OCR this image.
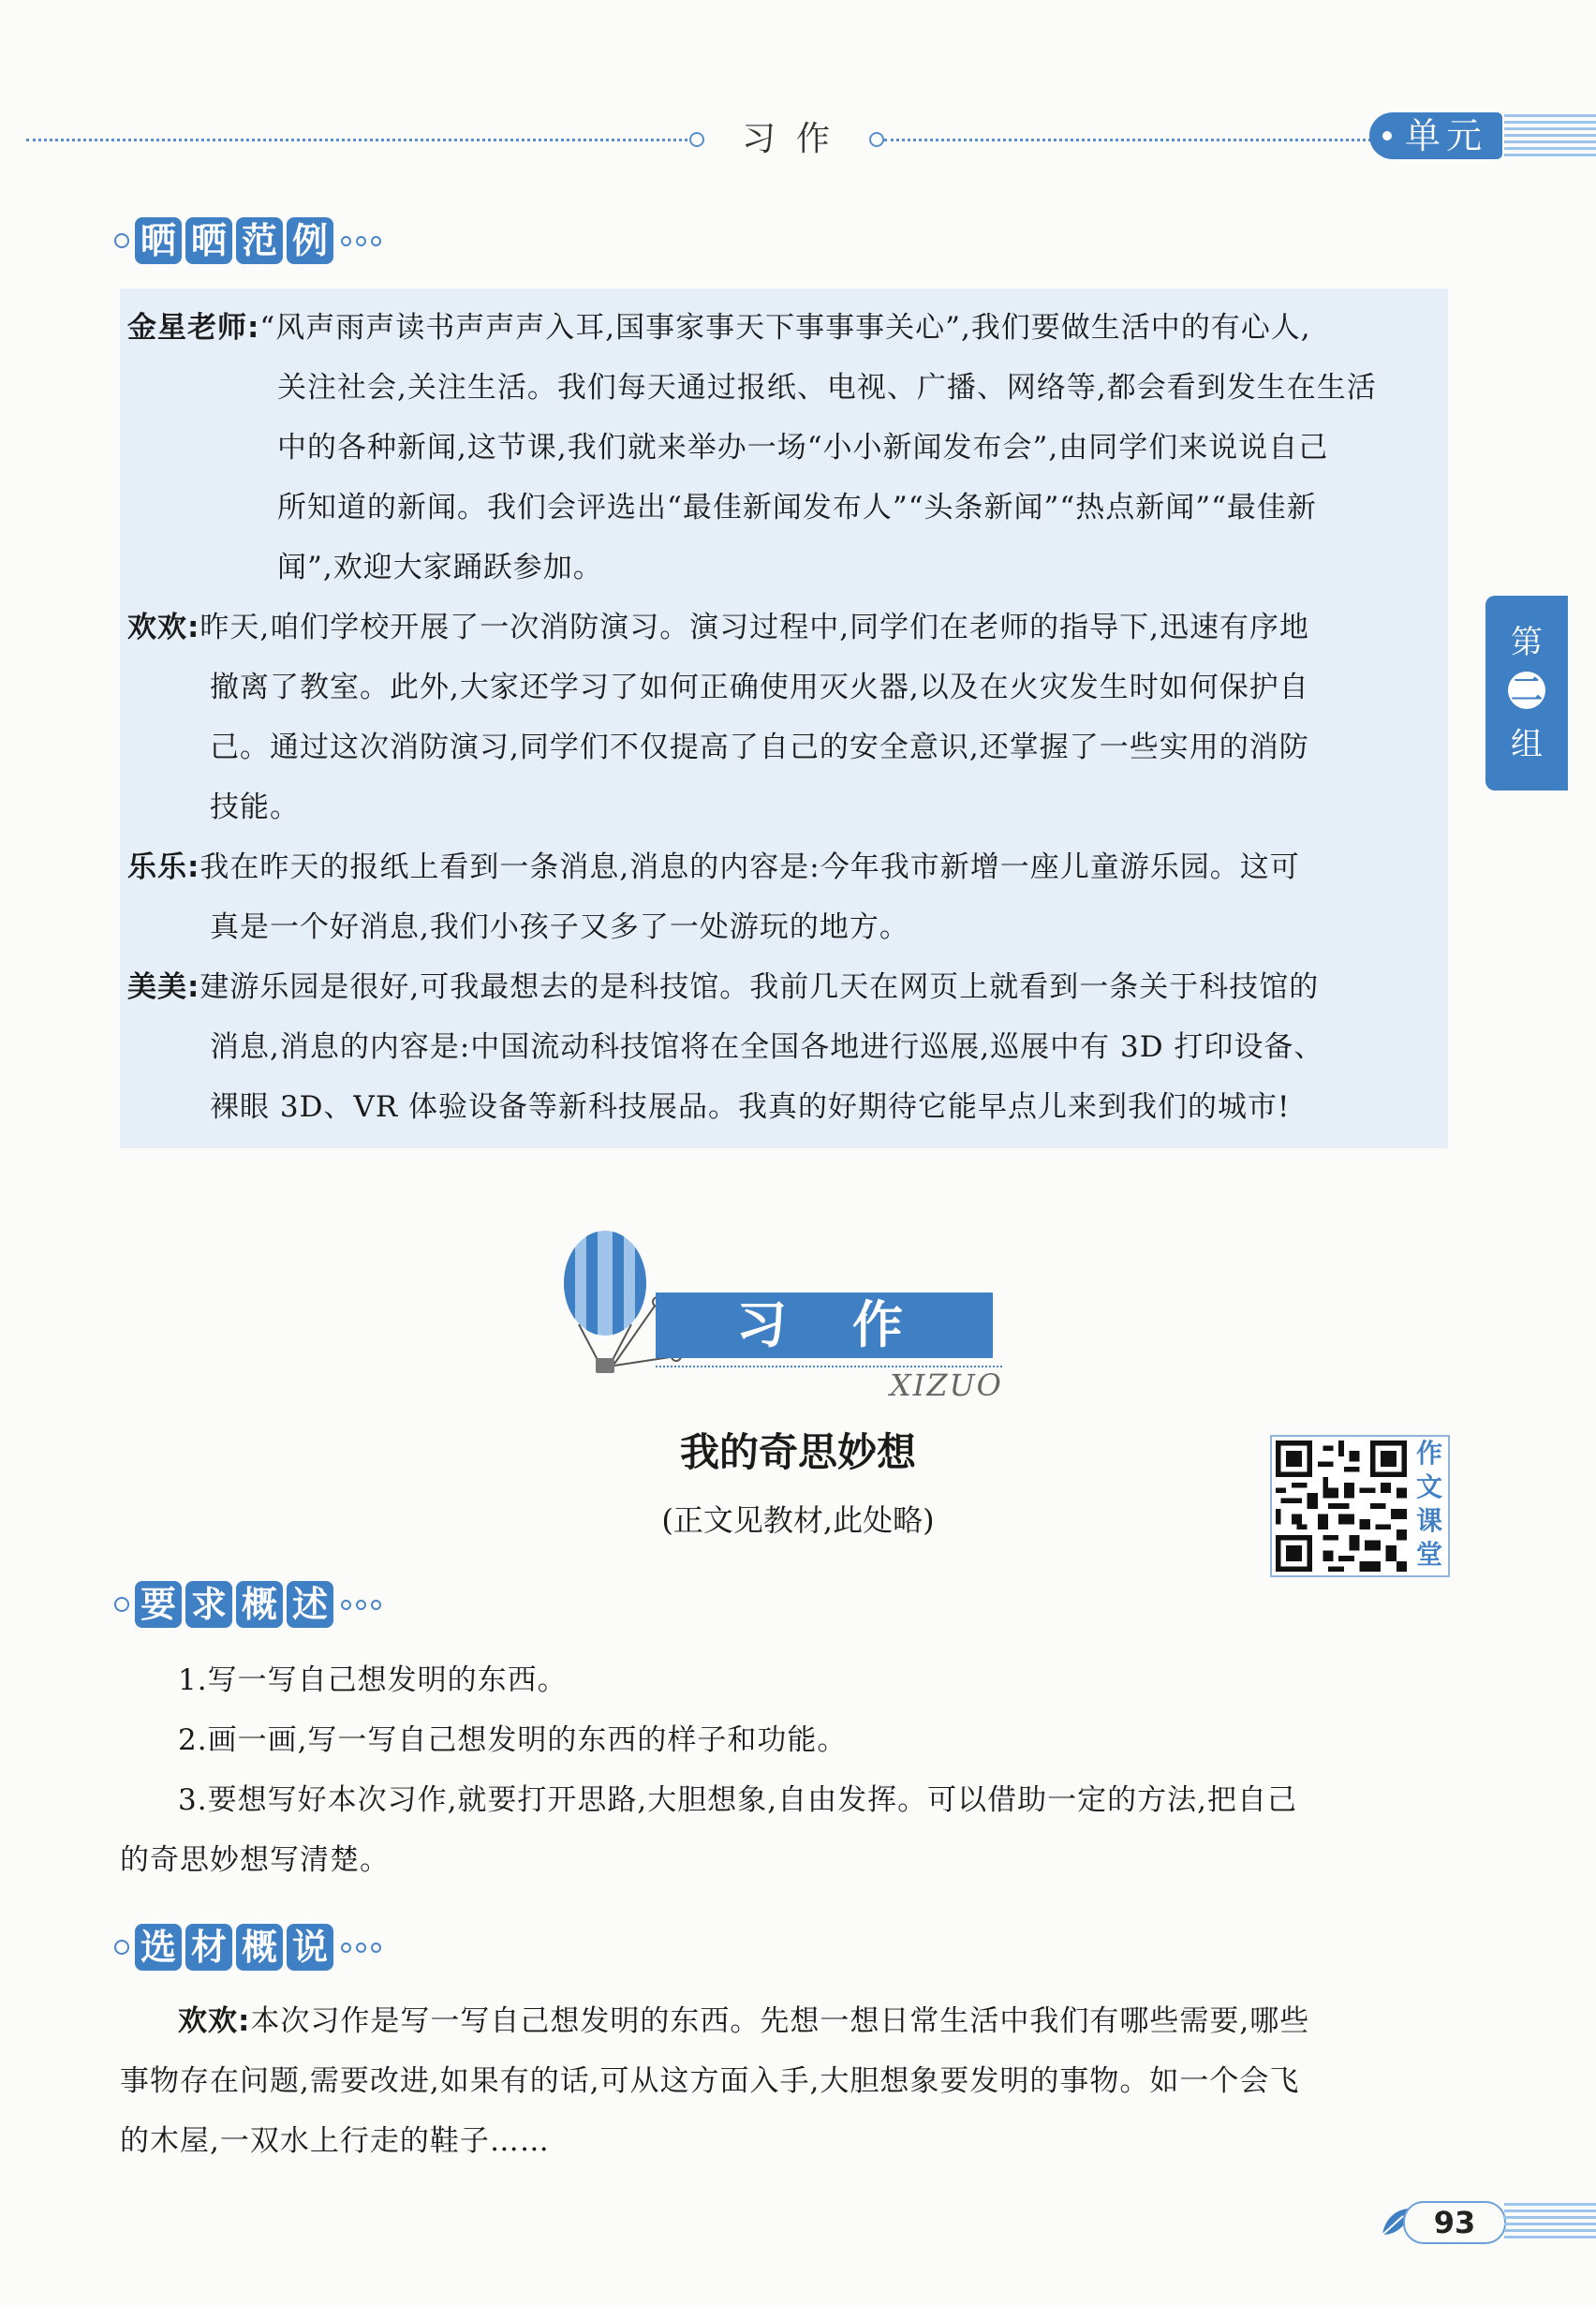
习作	单元
晒 晒 范 例
金星老师:“风声雨声读书声声声入耳,国事家事天下事事事关心”,我们要做生活中的有心人,
关注社会,关注生活。我们每天通过报纸、电视、广播、网络等,都会看到发生在生活
中的各种新闻,这节课,我们就来举办一场“小小新闻发布会”,由同学们来说说自己
所知道的新闻。我们会评选出“最佳新闻发布人”“头条新闻”“热点新闻”“最佳新
闻”,欢迎大家踊跃参加。
欢欢:昨天,咱们学校开展了一次消防演习。演习过程中,同学们在老师的指导下,迅速有序地
撤离了教室。此外,大家还学习了如何正确使用灭火器,以及在火灾发生时如何保护自
己。通过这次消防演习,同学们不仅提高了自己的安全意识,还掌握了一些实用的消防
技能。
乐乐:我在昨天的报纸上看到一条消息,消息的内容是:今年我市新增一座儿童游乐园。这可
真是一个好消息,我们小孩子又多了一处游玩的地方。
美美:建游乐园是很好,可我最想去的是科技馆。我前几天在网页上就看到一条关于科技馆的
消息,消息的内容是:中国流动科技馆将在全国各地进行巡展,巡展中有 3D 打印设备、
裸眼 3D、VR 体验设备等新科技展品。我真的好期待它能早点儿来到我们的城市!
第
二
组
习作
XIZUO
我的奇思妙想
(正文见教材,此处略)
作
文
课
堂
要 求 概 述
1.写一写自己想发明的东西。
2.画一画,写一写自己想发明的东西的样子和功能。
3.要想写好本次习作,就要打开思路,大胆想象,自由发挥。可以借助一定的方法,把自己
的奇思妙想写清楚。
选 材 概 说
欢欢:本次习作是写一写自己想发明的东西。先想一想日常生活中我们有哪些需要,哪些
事物存在问题,需要改进,如果有的话,可从这方面入手,大胆想象要发明的事物。如一个会飞
的木屋,一双水上行走的鞋子……
93
